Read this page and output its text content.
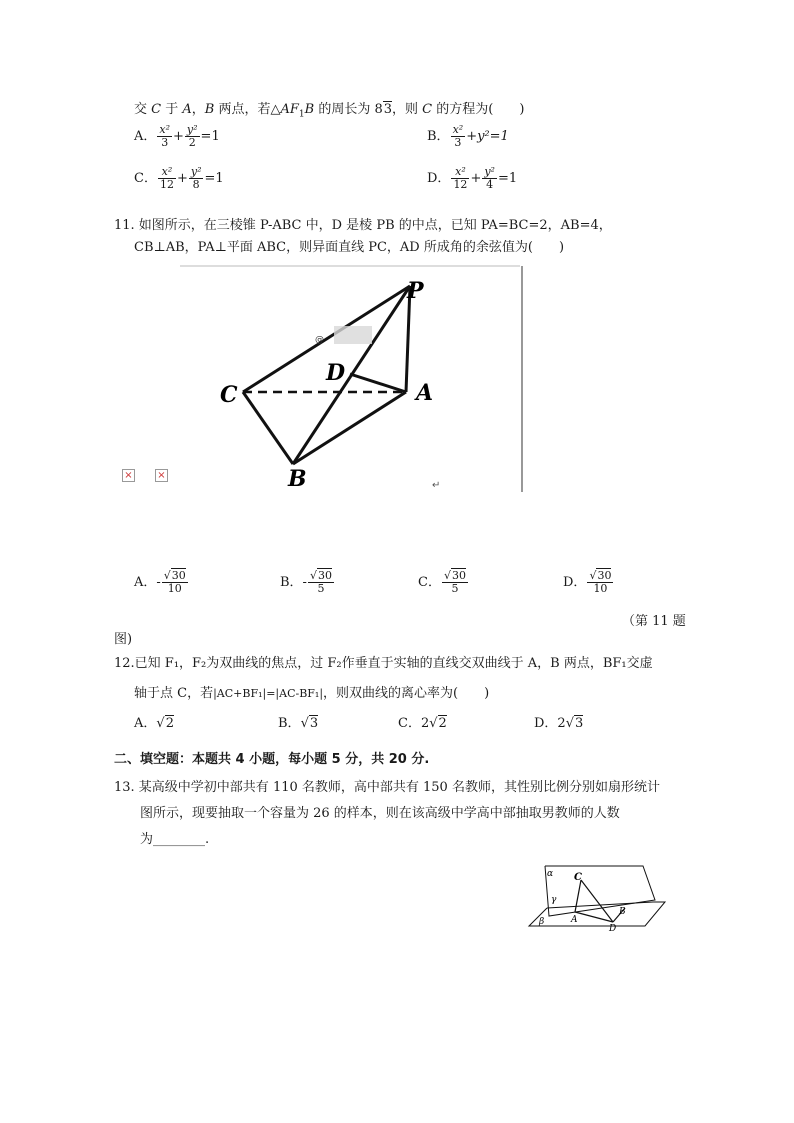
交 C 于 A，B 两点，若$\triangle AF_1B$ 的周长为 83，则 C 的方程为(　　)
A． $\frac{\text{x²}}{3} + \frac{\text{y²}}{2} =1$	B． $\frac{\text{x²}}{3} +y^2=1$
C． $\frac{\text{x²}}{12} + \frac{\text{y²}}{8} =1$	D． $\frac{\text{x²}}{12} + \frac{\text{y²}}{4} =1$
11. 如图所示，在三棱锥 P-ABC 中，D 是棱 PB 的中点，已知 PA=BC=2，AB=4，
CB⊥AB，PA⊥平面 ABC，则异面直线 PC，AD 所成角的余弦值为(　　)
@
P
C
D
A
B	↵
× ×
A．- $\frac{√30}{10}$	B．- $\frac{√30}{5}$	C． $\frac{√30}{5}$	D． $\frac{√30}{10}$
（第 11 题
图)
12.已知 F₁，F₂为双曲线的焦点，过 F₂作垂直于实轴的直线交双曲线于 A，B 两点，BF₁交虚
轴于点 C，若|AC+BF₁|=|AC-BF₁|，则双曲线的离心率为(　　)
A．√2	B．√3	C．2√2	D．2√3
二、填空题：本题共 4 小题，每小题 5 分，共 20 分.
13. 某高级中学初中部共有 110 名教师，高中部共有 150 名教师，其性别比例分别如扇形统计
图所示，现要抽取一个容量为 26 的样本，则在该高级中学高中部抽取男教师的人数
为________.
α
γ
β
C
A
B
D
